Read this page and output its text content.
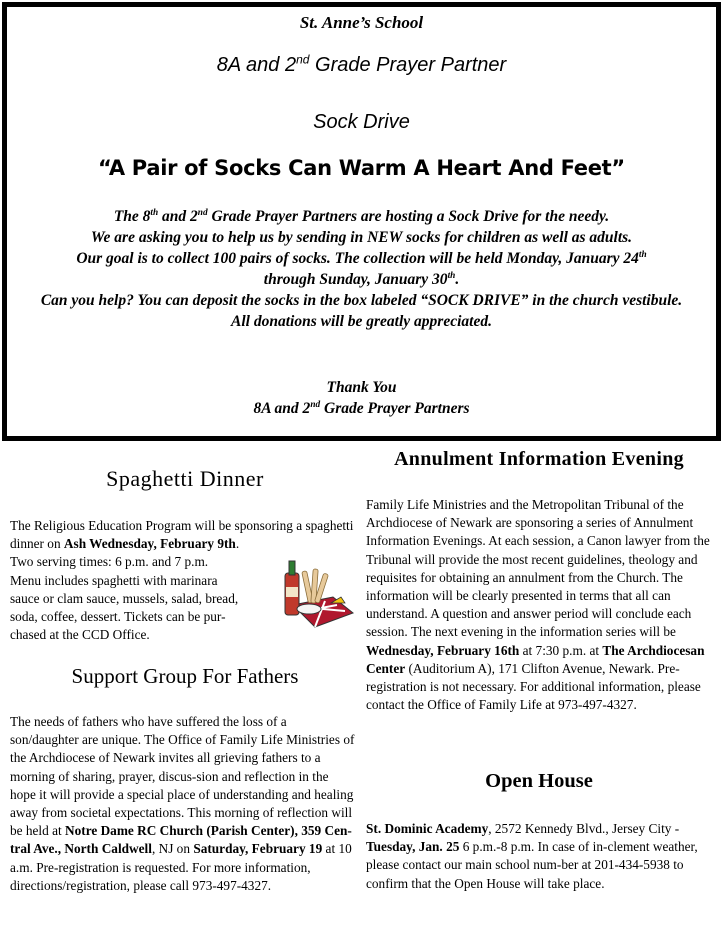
St. Anne’s School
8A and 2nd Grade Prayer Partner
Sock Drive
“A Pair of Socks Can Warm A Heart And Feet”

The 8th and 2nd Grade Prayer Partners are hosting a Sock Drive for the needy.

We are asking you to help us by sending in NEW socks for children as well as adults.

Our goal is to collect 100 pairs of socks. The collection will be held Monday, January 24th
through Sunday, January 30th.

Can you help? You can deposit the socks in the box labeled “SOCK DRIVE” in the church vestibule.

All donations will be greatly appreciated.

Thank You
8A and 2nd Grade Prayer Partners
Spaghetti Dinner

The Religious Education Program will be sponsoring a spaghetti dinner on Ash Wednesday, February 9th.

Two serving times: 6 p.m. and 7 p.m.
Menu includes spaghetti with marinara
sauce or clam sauce, mussels, salad, bread,
soda, coffee, dessert. Tickets can be pur-
chased at the CCD Office.
Support Group For Fathers

The needs of fathers who have suffered the loss of a son/daughter are unique. The Office of Family Life Ministries of the Archdiocese of Newark invites all grieving fathers to a morning of sharing, prayer, discus-sion and reflection in the hope it will provide a special place of understanding and healing away from societal expectations. This morning of reflection will be held at Notre Dame RC Church (Parish Center), 359 Cen-tral Ave., North Caldwell, NJ on Saturday, February 19 at 10 a.m. Pre-registration is requested. For more information, directions/registration, please call 973-497-4327.

Annulment Information Evening

Family Life Ministries and the Metropolitan Tribunal of the Archdiocese of Newark are sponsoring a series of Annulment Information Evenings. At each session, a Canon lawyer from the Tribunal will provide the most recent guidelines, theology and requisites for obtaining an annulment from the Church. The information will be clearly presented in terms that all can understand. A question and answer period will conclude each session. The next evening in the information series will be Wednesday, February 16th at 7:30 p.m. at The Archdiocesan Center (Auditorium A), 171 Clifton Avenue, Newark. Pre-registration is not necessary. For additional information, please contact the Office of Family Life at 973-497-4327.

Open House

St. Dominic Academy, 2572 Kennedy Blvd., Jersey City - Tuesday, Jan. 25 6 p.m.-8 p.m. In case of in-clement weather, please contact our main school num-ber at 201-434-5938 to confirm that the Open House will take place.
